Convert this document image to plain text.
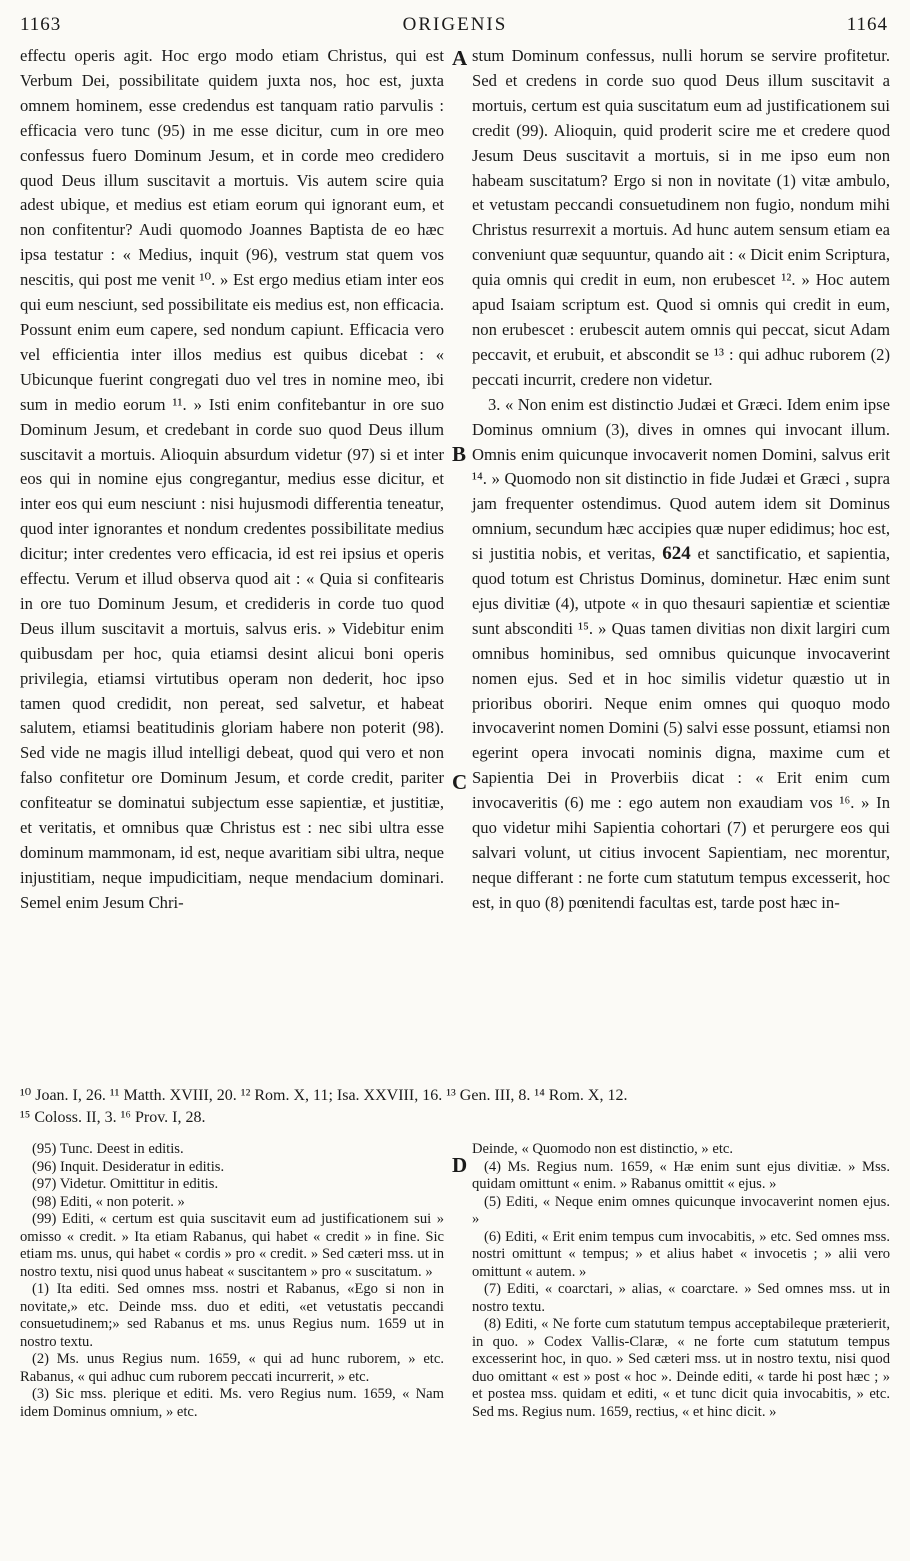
1163	ORIGENIS	1164
A
B
C
D

effectu operis agit. Hoc ergo modo etiam Christus, qui est Verbum Dei, possibilitate quidem juxta nos, hoc est, juxta omnem hominem, esse credendus est tanquam ratio parvulis : efficacia vero tunc (95) in me esse dicitur, cum in ore meo confessus fuero Dominum Jesum, et in corde meo credidero quod Deus illum suscitavit a mortuis. Vis autem scire quia adest ubique, et medius est etiam eorum qui ignorant eum, et non confitentur? Audi quomodo Joannes Baptista de eo hæc ipsa testatur : « Medius, inquit (96), vestrum stat quem vos nescitis, qui post me venit ¹⁰. » Est ergo medius etiam inter eos qui eum nesciunt, sed possibilitate eis medius est, non efficacia. Possunt enim eum capere, sed nondum capiunt. Efficacia vero vel efficientia inter illos medius est quibus dicebat : « Ubicunque fuerint congregati duo vel tres in nomine meo, ibi sum in medio eorum ¹¹. » Isti enim confitebantur in ore suo Dominum Jesum, et credebant in corde suo quod Deus illum suscitavit a mortuis. Alioquin absurdum videtur (97) si et inter eos qui in nomine ejus congregantur, medius esse dicitur, et inter eos qui eum nesciunt : nisi hujusmodi differentia teneatur, quod inter ignorantes et nondum credentes possibilitate medius dicitur; inter credentes vero efficacia, id est rei ipsius et operis effectu. Verum et illud observa quod ait : « Quia si confitearis in ore tuo Dominum Jesum, et credideris in corde tuo quod Deus illum suscitavit a mortuis, salvus eris. » Videbitur enim quibusdam per hoc, quia etiamsi desint alicui boni operis privilegia, etiamsi virtutibus operam non dederit, hoc ipso tamen quod credidit, non pereat, sed salvetur, et habeat salutem, etiamsi beatitudinis gloriam habere non poterit (98). Sed vide ne magis illud intelligi debeat, quod qui vero et non falso confitetur ore Dominum Jesum, et corde credit, pariter confiteatur se dominatui subjectum esse sapientiæ, et justitiæ, et veritatis, et omnibus quæ Christus est : nec sibi ultra esse dominum mammonam, id est, neque avaritiam sibi ultra, neque injustitiam, neque impudicitiam, neque mendacium dominari. Semel enim Jesum Chri-

stum Dominum confessus, nulli horum se servire profitetur. Sed et credens in corde suo quod Deus illum suscitavit a mortuis, certum est quia suscitatum eum ad justificationem sui credit (99). Alioquin, quid proderit scire me et credere quod Jesum Deus suscitavit a mortuis, si in me ipso eum non habeam suscitatum? Ergo si non in novitate (1) vitæ ambulo, et vetustam peccandi consuetudinem non fugio, nondum mihi Christus resurrexit a mortuis. Ad hunc autem sensum etiam ea conveniunt quæ sequuntur, quando ait : « Dicit enim Scriptura, quia omnis qui credit in eum, non erubescet ¹². » Hoc autem apud Isaiam scriptum est. Quod si omnis qui credit in eum, non erubescet : erubescit autem omnis qui peccat, sicut Adam peccavit, et erubuit, et abscondit se ¹³ : qui adhuc ruborem (2) peccati incurrit, credere non videtur.

3. « Non enim est distinctio Judæi et Græci. Idem enim ipse Dominus omnium (3), dives in omnes qui invocant illum. Omnis enim quicunque invocaverit nomen Domini, salvus erit ¹⁴. » Quomodo non sit distinctio in fide Judæi et Græci , supra jam frequenter ostendimus. Quod autem idem sit Dominus omnium, secundum hæc accipies quæ nuper edidimus; hoc est, si justitia nobis, et veritas, 624 et sanctificatio, et sapientia, quod totum est Christus Dominus, dominetur. Hæc enim sunt ejus divitiæ (4), utpote « in quo thesauri sapientiæ et scientiæ sunt absconditi ¹⁵. » Quas tamen divitias non dixit largiri cum omnibus hominibus, sed omnibus quicunque invocaverint nomen ejus. Sed et in hoc similis videtur quæstio ut in prioribus oboriri. Neque enim omnes qui quoquo modo invocaverint nomen Domini (5) salvi esse possunt, etiamsi non egerint opera invocati nominis digna, maxime cum et Sapientia Dei in Proverbiis dicat : « Erit enim cum invocaveritis (6) me : ego autem non exaudiam vos ¹⁶. » In quo videtur mihi Sapientia cohortari (7) et perurgere eos qui salvari volunt, ut citius invocent Sapientiam, nec morentur, neque differant : ne forte cum statutum tempus excesserit, hoc est, in quo (8) pœnitendi facultas est, tarde post hæc in-

¹⁰ Joan. I, 26. ¹¹ Matth. XVIII, 20. ¹² Rom. X, 11; Isa. XXVIII, 16. ¹³ Gen. III, 8. ¹⁴ Rom. X, 12.

¹⁵ Coloss. II, 3. ¹⁶ Prov. I, 28.

(95) Tunc. Deest in editis.

(96) Inquit. Desideratur in editis.

(97) Videtur. Omittitur in editis.

(98) Editi, « non poterit. »

(99) Editi, « certum est quia suscitavit eum ad justificationem sui » omisso « credit. » Ita etiam Rabanus, qui habet « credit » in fine. Sic etiam ms. unus, qui habet « cordis » pro « credit. » Sed cæteri mss. ut in nostro textu, nisi quod unus habeat « suscitantem » pro « suscitatum. »

(1) Ita editi. Sed omnes mss. nostri et Rabanus, «Ego si non in novitate,» etc. Deinde mss. duo et editi, «et vetustatis peccandi consuetudinem;» sed Rabanus et ms. unus Regius num. 1659 ut in nostro textu.

(2) Ms. unus Regius num. 1659, « qui ad hunc ruborem, » etc. Rabanus, « qui adhuc cum ruborem peccati incurrerit, » etc.

(3) Sic mss. plerique et editi. Ms. vero Regius num. 1659, « Nam idem Dominus omnium, » etc.

Deinde, « Quomodo non est distinctio, » etc.

(4) Ms. Regius num. 1659, « Hæ enim sunt ejus divitiæ. » Mss. quidam omittunt « enim. » Rabanus omittit « ejus. »

(5) Editi, « Neque enim omnes quicunque invocaverint nomen ejus. »

(6) Editi, « Erit enim tempus cum invocabitis, » etc. Sed omnes mss. nostri omittunt « tempus; » et alius habet « invocetis ; » alii vero omittunt « autem. »

(7) Editi, « coarctari, » alias, « coarctare. » Sed omnes mss. ut in nostro textu.

(8) Editi, « Ne forte cum statutum tempus acceptabileque præterierit, in quo. » Codex Vallis-Claræ, « ne forte cum statutum tempus excesserint hoc, in quo. » Sed cæteri mss. ut in nostro textu, nisi quod duo omittant « est » post « hoc ». Deinde editi, « tarde hi post hæc ; » et postea mss. quidam et editi, « et tunc dicit quia invocabitis, » etc. Sed ms. Regius num. 1659, rectius, « et hinc dicit. »
